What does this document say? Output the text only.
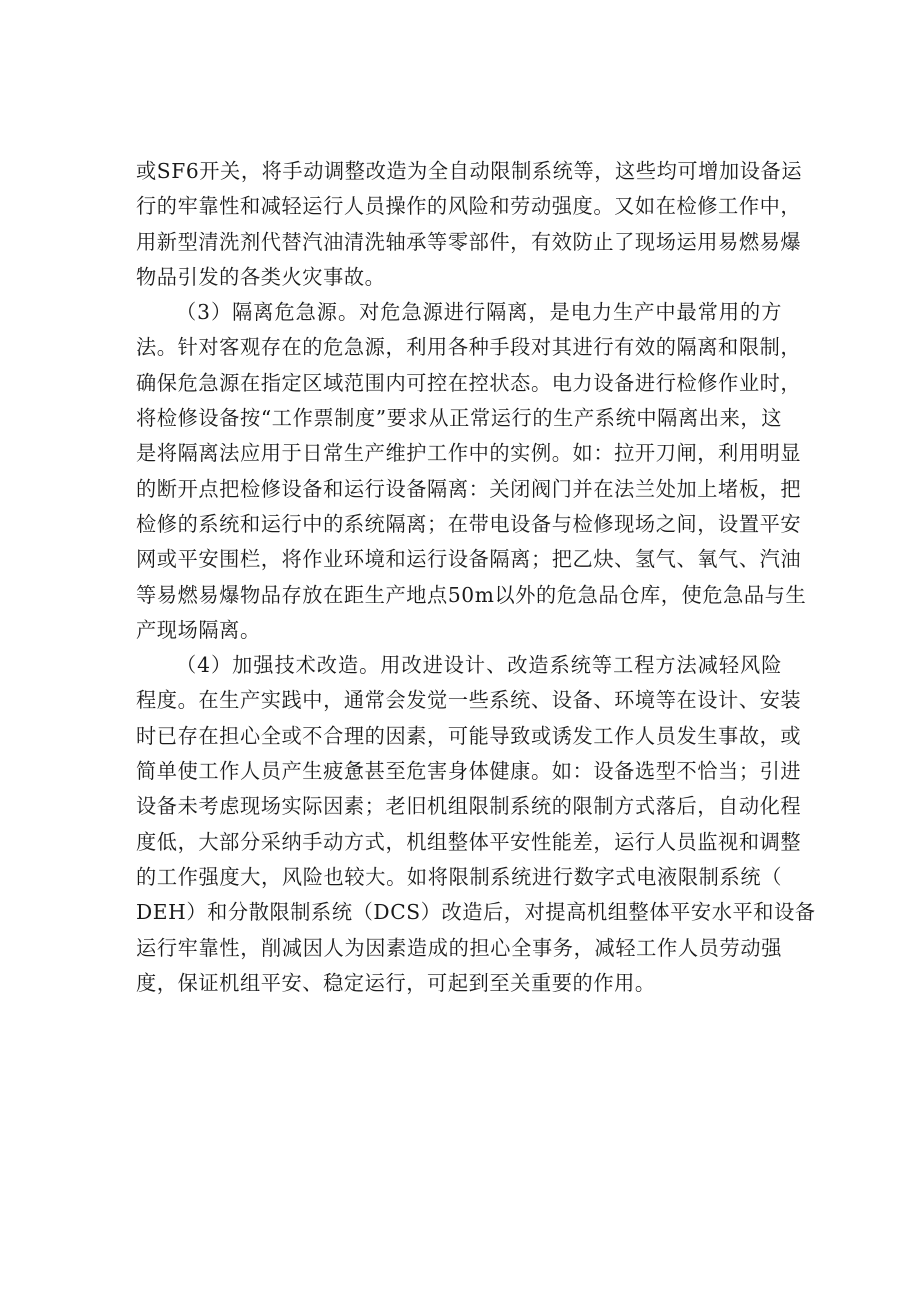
或SF6开关，将手动调整改造为全自动限制系统等，这些均可增加设备运
行的牢靠性和减轻运行人员操作的风险和劳动强度。又如在检修工作中，
用新型清洗剂代替汽油清洗轴承等零部件，有效防止了现场运用易燃易爆
物品引发的各类火灾事故。
（3）隔离危急源。对危急源进行隔离，是电力生产中最常用的方
法。针对客观存在的危急源，利用各种手段对其进行有效的隔离和限制，
确保危急源在指定区域范围内可控在控状态。电力设备进行检修作业时，
将检修设备按“工作票制度”要求从正常运行的生产系统中隔离出来，这
是将隔离法应用于日常生产维护工作中的实例。如：拉开刀闸，利用明显
的断开点把检修设备和运行设备隔离：关闭阀门并在法兰处加上堵板，把
检修的系统和运行中的系统隔离；在带电设备与检修现场之间，设置平安
网或平安围栏，将作业环境和运行设备隔离；把乙炔、氢气、氧气、汽油
等易燃易爆物品存放在距生产地点50m以外的危急品仓库，使危急品与生
产现场隔离。
（4）加强技术改造。用改进设计、改造系统等工程方法减轻风险
程度。在生产实践中，通常会发觉一些系统、设备、环境等在设计、安装
时已存在担心全或不合理的因素，可能导致或诱发工作人员发生事故，或
简单使工作人员产生疲惫甚至危害身体健康。如：设备选型不恰当；引进
设备未考虑现场实际因素；老旧机组限制系统的限制方式落后，自动化程
度低，大部分采纳手动方式，机组整体平安性能差，运行人员监视和调整
的工作强度大，风险也较大。如将限制系统进行数字式电液限制系统（
DEH）和分散限制系统（DCS）改造后，对提高机组整体平安水平和设备
运行牢靠性，削减因人为因素造成的担心全事务，减轻工作人员劳动强
度，保证机组平安、稳定运行，可起到至关重要的作用。
